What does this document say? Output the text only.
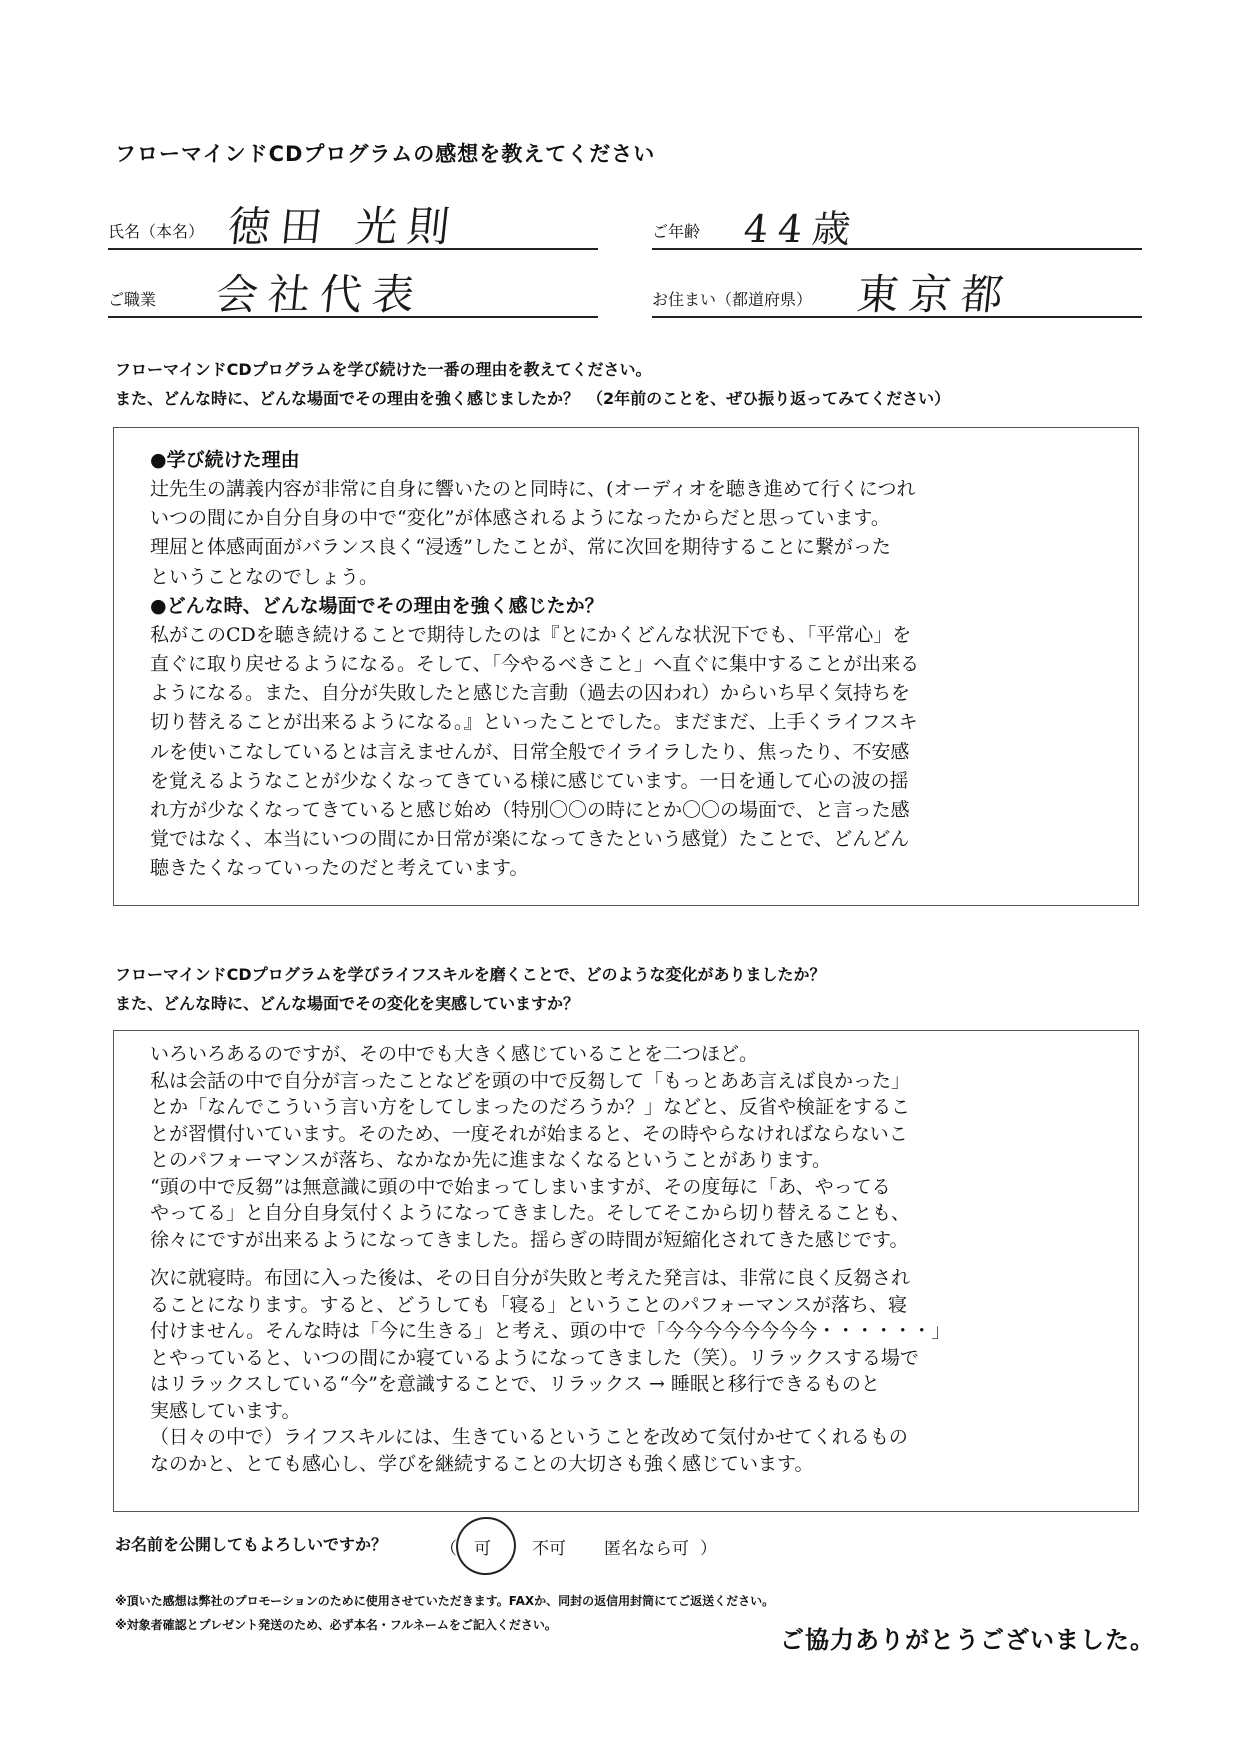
フローマインドCDプログラムの感想を教えてください
氏名（本名） 徳田 光則	ご年齢 44歳
ご職業 会社代表	お住まい（都道府県） 東京都
フローマインドCDプログラムを学び続けた一番の理由を教えてください。
また、どんな時に、どんな場面でその理由を強く感じましたか？　（2年前のことを、ぜひ振り返ってみてください）

●学び続けた理由

辻先生の講義内容が非常に自身に響いたのと同時に、(オーディオを聴き進めて行くにつれ
いつの間にか自分自身の中で“変化”が体感されるようになったからだと思っています。
理屈と体感両面がバランス良く“浸透”したことが、常に次回を期待することに繋がった
ということなのでしょう。

●どんな時、どんな場面でその理由を強く感じたか？

私がこのCDを聴き続けることで期待したのは『とにかくどんな状況下でも、「平常心」を
直ぐに取り戻せるようになる。そして、「今やるべきこと」へ直ぐに集中することが出来る
ようになる。また、自分が失敗したと感じた言動（過去の囚われ）からいち早く気持ちを
切り替えることが出来るようになる。』といったことでした。まだまだ、上手くライフスキ
ルを使いこなしているとは言えませんが、日常全般でイライラしたり、焦ったり、不安感
を覚えるようなことが少なくなってきている様に感じています。一日を通して心の波の揺
れ方が少なくなってきていると感じ始め（特別〇〇の時にとか〇〇の場面で、と言った感
覚ではなく、本当にいつの間にか日常が楽になってきたという感覚）たことで、どんどん
聴きたくなっていったのだと考えています。

フローマインドCDプログラムを学びライフスキルを磨くことで、どのような変化がありましたか？
また、どんな時に、どんな場面でその変化を実感していますか？

いろいろあるのですが、その中でも大きく感じていることを二つほど。
私は会話の中で自分が言ったことなどを頭の中で反芻して「もっとああ言えば良かった」
とか「なんでこういう言い方をしてしまったのだろうか？」などと、反省や検証をするこ
とが習慣付いています。そのため、一度それが始まると、その時やらなければならないこ
とのパフォーマンスが落ち、なかなか先に進まなくなるということがあります。
“頭の中で反芻”は無意識に頭の中で始まってしまいますが、その度毎に「あ、やってる
やってる」と自分自身気付くようになってきました。そしてそこから切り替えることも、
徐々にですが出来るようになってきました。揺らぎの時間が短縮化されてきた感じです。

次に就寝時。布団に入った後は、その日自分が失敗と考えた発言は、非常に良く反芻され
ることになります。すると、どうしても「寝る」ということのパフォーマンスが落ち、寝
付けません。そんな時は「今に生きる」と考え、頭の中で「今今今今今今今今・・・・・・」
とやっていると、いつの間にか寝ているようになってきました（笑）。リラックスする場で
はリラックスしている“今”を意識することで、リラックス → 睡眠と移行できるものと
実感しています。
（日々の中で）ライフスキルには、生きているということを改めて気付かせてくれるもの
なのかと、とても感心し、学びを継続することの大切さも強く感じています。

お名前を公開してもよろしいですか？	（ 可 不可 匿名なら可 ）
※頂いた感想は弊社のプロモーションのために使用させていただきます。FAXか、同封の返信用封筒にてご返送ください。
※対象者確認とプレゼント発送のため、必ず本名・フルネームをご記入ください。
ご協力ありがとうございました。
